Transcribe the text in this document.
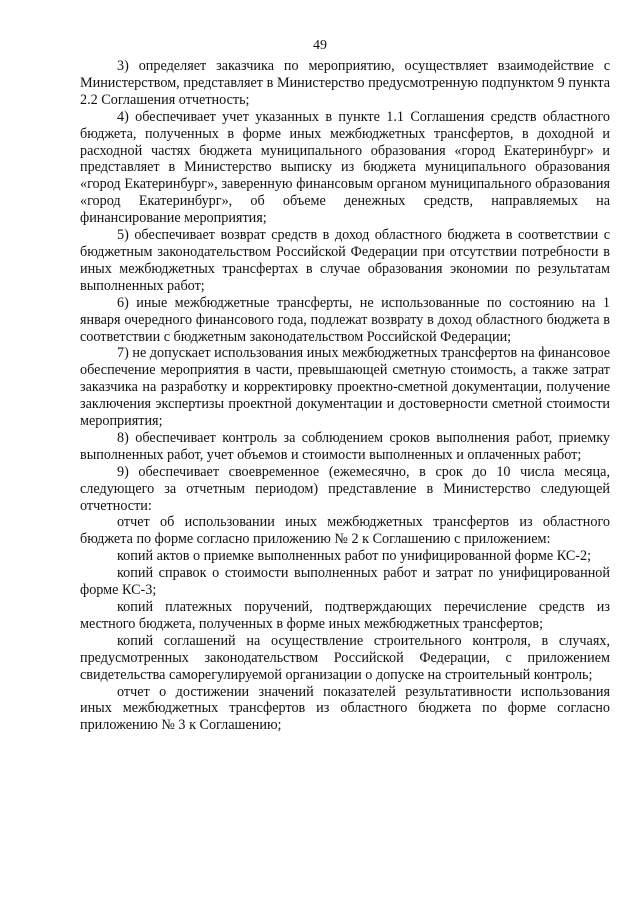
49

3) определяет заказчика по мероприятию, осуществляет взаимодействие с Министерством, представляет в Министерство предусмотренную подпунктом 9 пункта 2.2 Соглашения отчетность;

4) обеспечивает учет указанных в пункте 1.1 Соглашения средств областного бюджета, полученных в форме иных межбюджетных трансфертов, в доходной и расходной частях бюджета муниципального образования «город Екатеринбург» и представляет в Министерство выписку из бюджета муниципального образования «город Екатеринбург», заверенную финансовым органом муниципального образования «город Екатеринбург», об объеме денежных средств, направляемых на финансирование мероприятия;

5) обеспечивает возврат средств в доход областного бюджета в соответствии с бюджетным законодательством Российской Федерации при отсутствии потребности в иных межбюджетных трансфертах в случае образования экономии по результатам выполненных работ;

6) иные межбюджетные трансферты, не использованные по состоянию на 1 января очередного финансового года, подлежат возврату в доход областного бюджета в соответствии с бюджетным законодательством Российской Федерации;

7) не допускает использования иных межбюджетных трансфертов на финансовое обеспечение мероприятия в части, превышающей сметную стоимость, а также затрат заказчика на разработку и корректировку проектно-сметной документации, получение заключения экспертизы проектной документации и достоверности сметной стоимости мероприятия;

8) обеспечивает контроль за соблюдением сроков выполнения работ, приемку выполненных работ, учет объемов и стоимости выполненных и оплаченных работ;

9) обеспечивает своевременное (ежемесячно, в срок до 10 числа месяца, следующего за отчетным периодом) представление в Министерство следующей отчетности:

отчет об использовании иных межбюджетных трансфертов из областного бюджета по форме согласно приложению № 2 к Соглашению с приложением:

копий актов о приемке выполненных работ по унифицированной форме КС-2;

копий справок о стоимости выполненных работ и затрат по унифицированной форме КС-3;

копий платежных поручений, подтверждающих перечисление средств из местного бюджета, полученных в форме иных межбюджетных трансфертов;

копий соглашений на осуществление строительного контроля, в случаях, предусмотренных законодательством Российской Федерации, с приложением свидетельства саморегулируемой организации о допуске на строительный контроль;

отчет о достижении значений показателей результативности использования иных межбюджетных трансфертов из областного бюджета по форме согласно приложению № 3 к Соглашению;
